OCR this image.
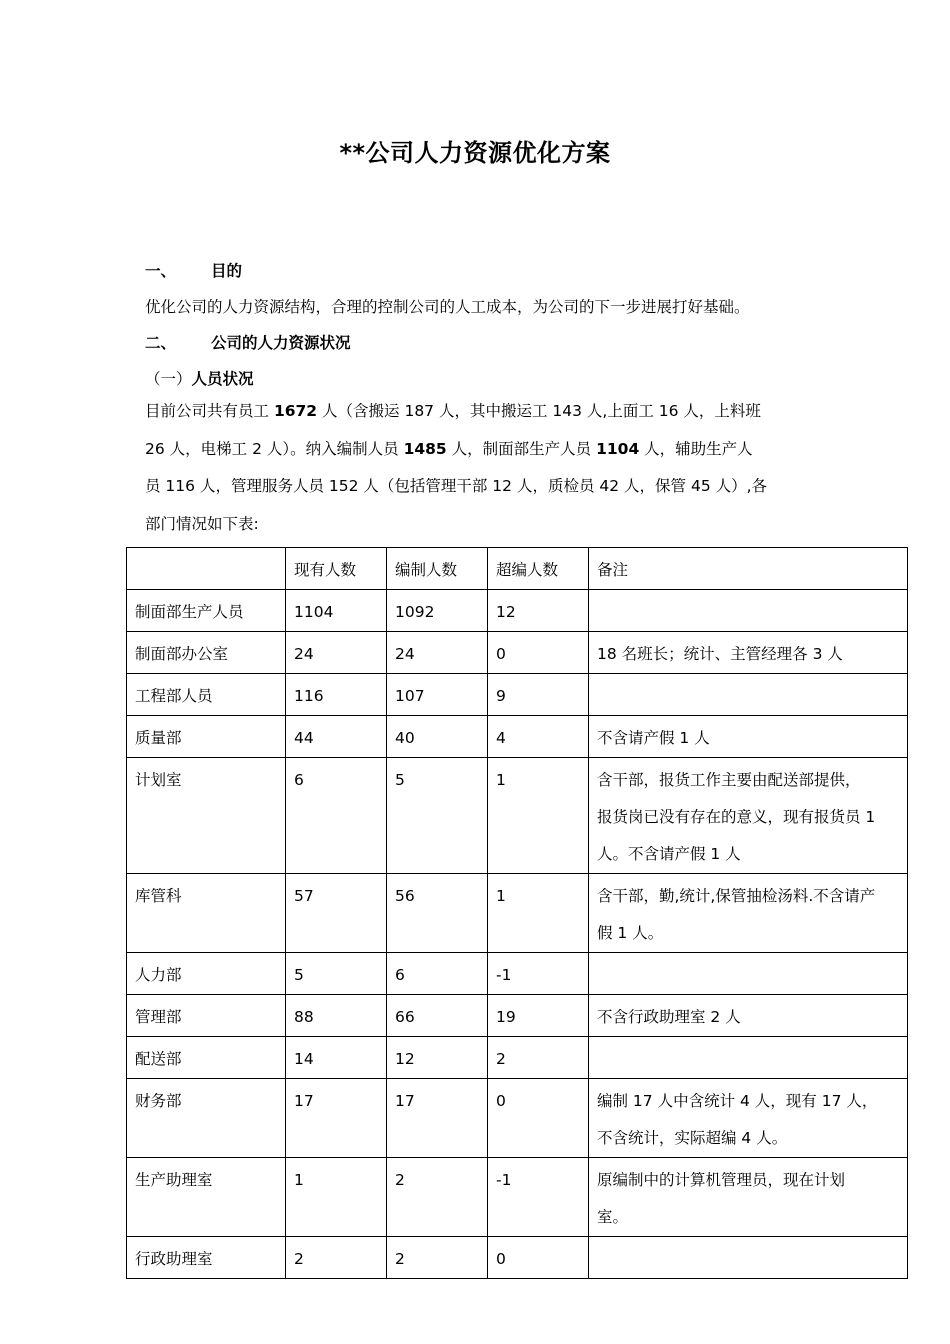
**公司人力资源优化方案
一、 目的
优化公司的人力资源结构，合理的控制公司的人工成本，为公司的下一步进展打好基础。
二、 公司的人力资源状况
（一）人员状况
目前公司共有员工 1672 人（含搬运 187 人，其中搬运工 143 人,上面工 16 人，上料班
26 人，电梯工 2 人）。纳入编制人员 1485 人，制面部生产人员 1104 人，辅助生产人
员 116 人，管理服务人员 152 人（包括管理干部 12 人，质检员 42 人，保管 45 人）,各
部门情况如下表:
	现有人数	编制人数	超编人数	备注
制面部生产人员	1104	1092	12	
制面部办公室	24	24	0	18 名班长；统计、主管经理各 3 人
工程部人员	116	107	9	
质量部	44	40	4	不含请产假 1 人
计划室	6	5	1	含干部，报货工作主要由配送部提供，
报货岗已没有存在的意义，现有报货员 1
人。不含请产假 1 人

库管科	57	56	1	含干部，勤,统计,保管抽检汤料.不含请产
假 1 人。

人力部	5	6	-1	
管理部	88	66	19	不含行政助理室 2 人
配送部	14	12	2	
财务部	17	17	0	编制 17 人中含统计 4 人，现有 17 人，
不含统计，实际超编 4 人。

生产助理室	1	2	-1	原编制中的计算机管理员，现在计划
室。

行政助理室	2	2	0	
